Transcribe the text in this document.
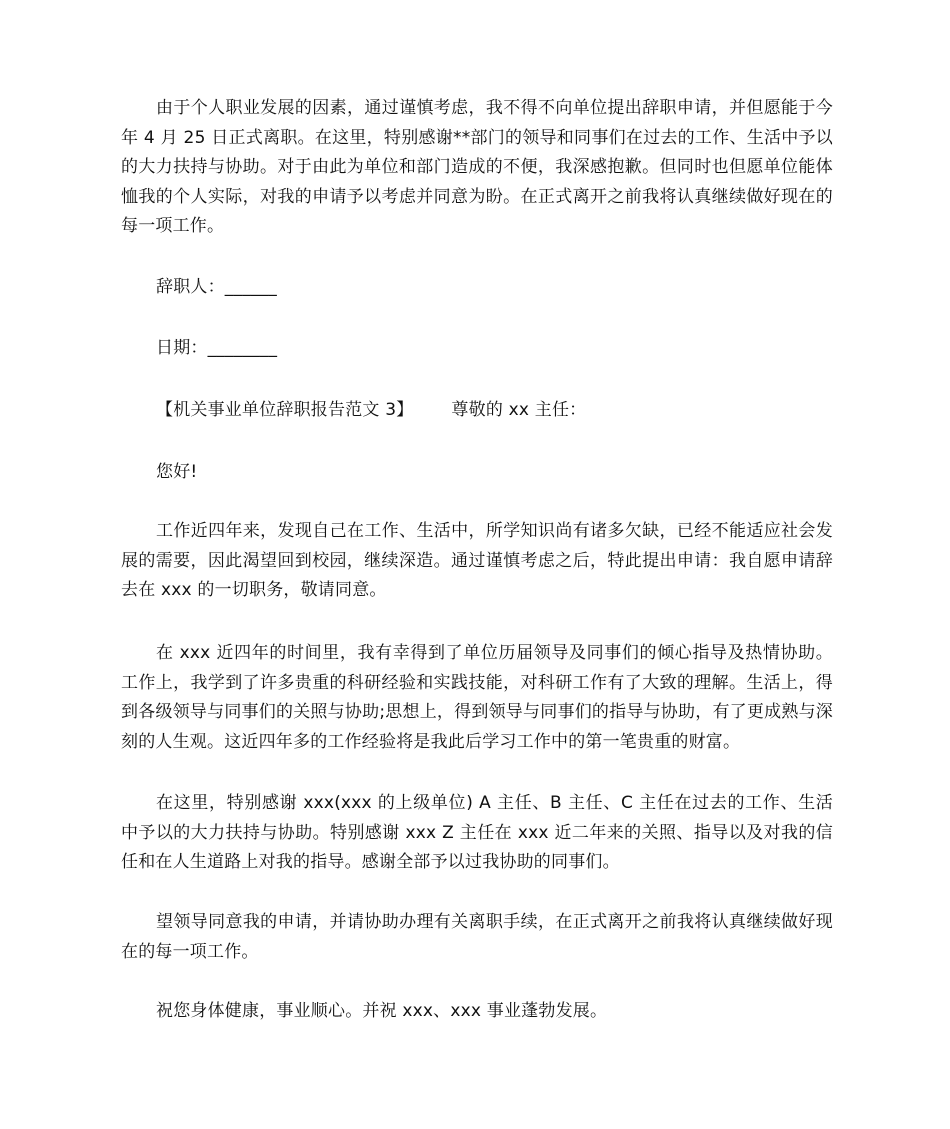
由于个人职业发展的因素，通过谨慎考虑，我不得不向单位提出辞职申请，并但愿能于今年 4 月 25 日正式离职。在这里，特别感谢**部门的领导和同事们在过去的工作、生活中予以的大力扶持与协助。对于由此为单位和部门造成的不便，我深感抱歉。但同时也但愿单位能体恤我的个人实际，对我的申请予以考虑并同意为盼。在正式离开之前我将认真继续做好现在的每一项工作。

辞职人：______

日期：________

【机关事业单位辞职报告范文 3】 尊敬的 xx 主任：

您好!

工作近四年来，发现自己在工作、生活中，所学知识尚有诸多欠缺，已经不能适应社会发展的需要，因此渴望回到校园，继续深造。通过谨慎考虑之后，特此提出申请：我自愿申请辞去在 xxx 的一切职务，敬请同意。

在 xxx 近四年的时间里，我有幸得到了单位历届领导及同事们的倾心指导及热情协助。工作上，我学到了许多贵重的科研经验和实践技能，对科研工作有了大致的理解。生活上，得到各级领导与同事们的关照与协助;思想上，得到领导与同事们的指导与协助，有了更成熟与深刻的人生观。这近四年多的工作经验将是我此后学习工作中的第一笔贵重的财富。

在这里，特别感谢 xxx(xxx 的上级单位) A 主任、B 主任、C 主任在过去的工作、生活中予以的大力扶持与协助。特别感谢 xxx Z 主任在 xxx 近二年来的关照、指导以及对我的信任和在人生道路上对我的指导。感谢全部予以过我协助的同事们。

望领导同意我的申请，并请协助办理有关离职手续，在正式离开之前我将认真继续做好现在的每一项工作。

祝您身体健康，事业顺心。并祝 xxx、xxx 事业蓬勃发展。
